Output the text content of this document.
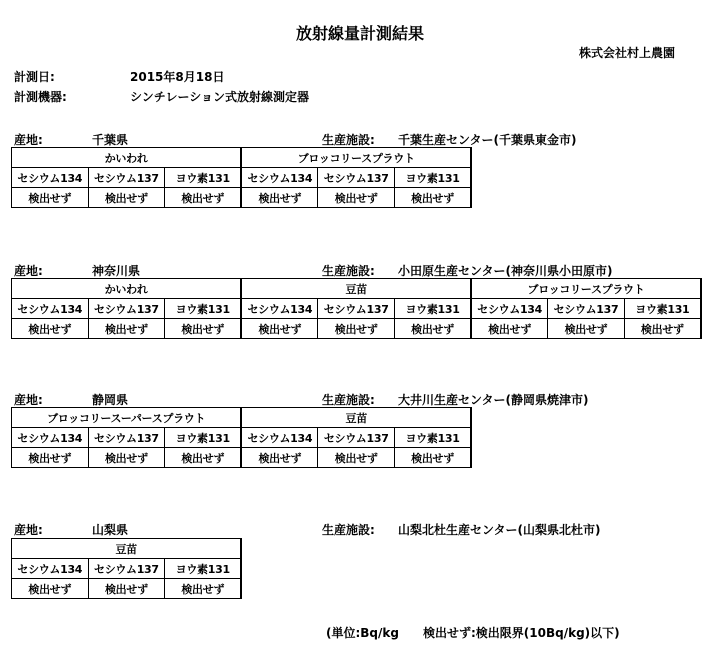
放射線量計測結果
株式会社村上農園
計測日:	2015年8月18日
計測機器:	シンチレーション式放射線測定器
産地:	千葉県	生産施設: 千葉生産センター(千葉県東金市)
かいわれ			ブロッコリースプラウト		
セシウム134	セシウム137	ヨウ素131	セシウム134	セシウム137	ヨウ素131
検出せず	検出せず	検出せず	検出せず	検出せず	検出せず
産地:	神奈川県	生産施設: 小田原生産センター(神奈川県小田原市)
かいわれ			豆苗			ブロッコリースプラウト		
セシウム134	セシウム137	ヨウ素131	セシウム134	セシウム137	ヨウ素131	セシウム134	セシウム137	ヨウ素131
検出せず	検出せず	検出せず	検出せず	検出せず	検出せず	検出せず	検出せず	検出せず
産地:	静岡県	生産施設: 大井川生産センター(静岡県焼津市)
ブロッコリースーパースプラウト			豆苗		
セシウム134	セシウム137	ヨウ素131	セシウム134	セシウム137	ヨウ素131
検出せず	検出せず	検出せず	検出せず	検出せず	検出せず
産地:	山梨県	生産施設: 山梨北杜生産センター(山梨県北杜市)
豆苗		
セシウム134	セシウム137	ヨウ素131
検出せず	検出せず	検出せず
(単位:Bq/kg 検出せず:検出限界(10Bq/kg)以下)
